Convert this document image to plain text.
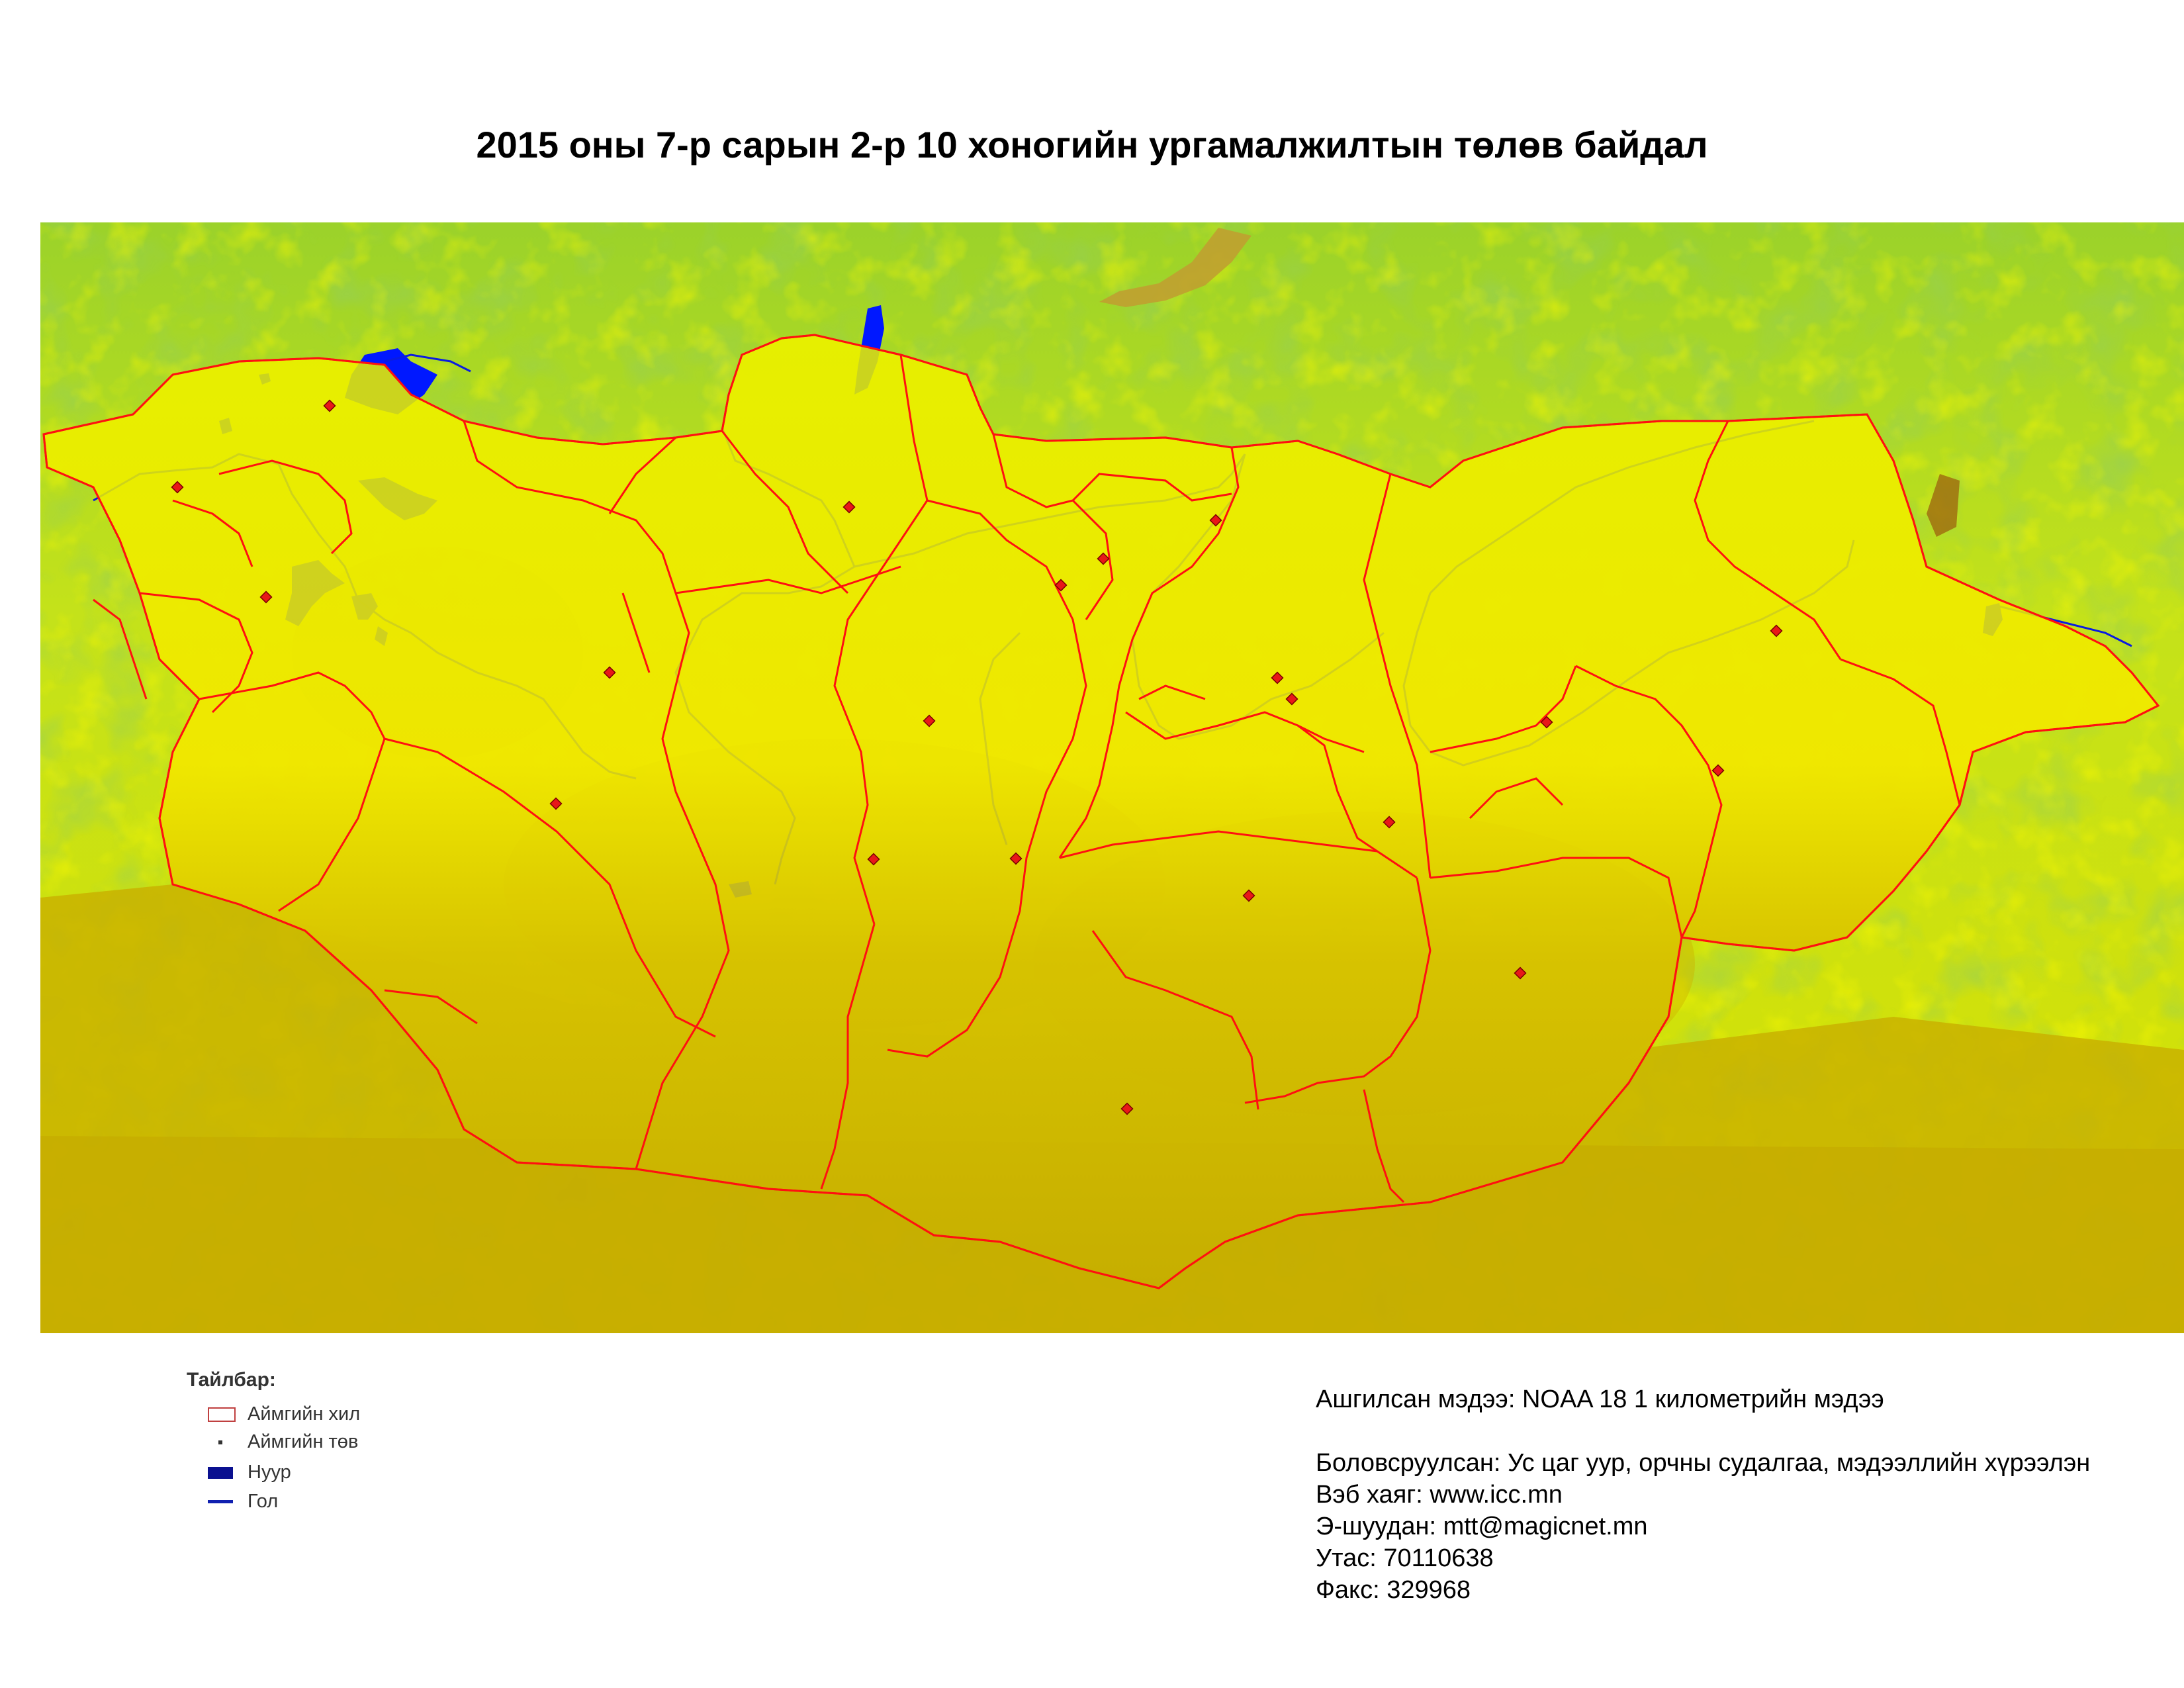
2015 оны 7-р сарын 2-р 10 хоногийн ургамалжилтын төлөв байдал
Тайлбар:
Аймгийн хил
Аймгийн төв
Нуур
Гол
Ашгилсан мэдээ: NOAA 18 1 километрийн мэдээ
Боловсруулсан: Ус цаг уур, орчны судалгаа, мэдээллийн хүрээлэн
Вэб хаяг: www.icc.mn
Э-шуудан: mtt@magicnet.mn
Утас: 70110638
Факс: 329968
